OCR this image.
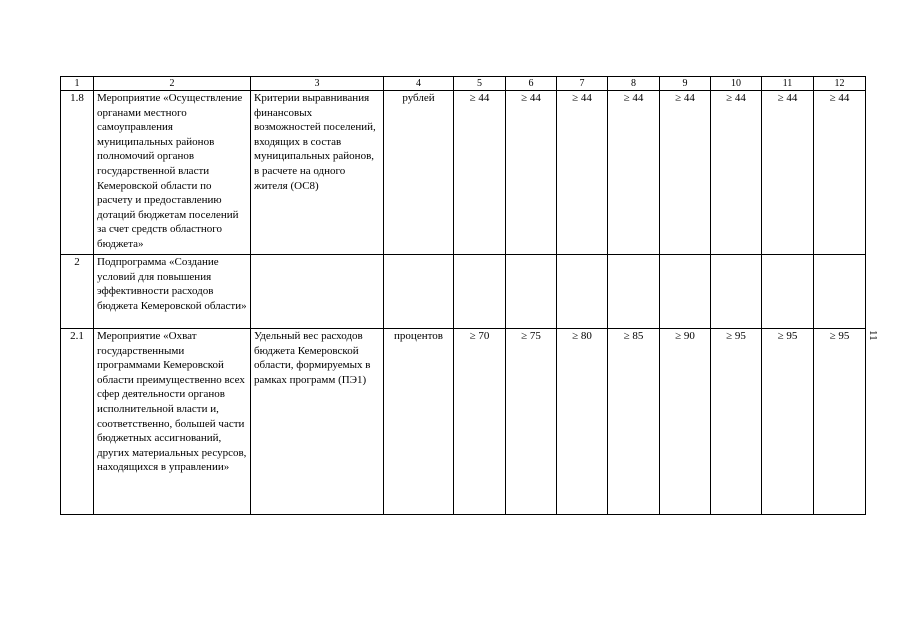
1	2	3	4	5	6	7	8	9	10	11	12
1.8	Мероприятие «Осуществление органами местного самоуправления муниципальных районов полномочий органов государственной власти Кемеровской области по расчету и предоставлению дотаций бюджетам поселений за счет средств областного бюджета»	Критерии выравнивания финансовых возможностей поселений, входящих в состав муниципальных районов, в расчете на одного жителя (ОС8)	рублей	≥ 44	≥ 44	≥ 44	≥ 44	≥ 44	≥ 44	≥ 44	≥ 44
2	Подпрограмма «Создание условий для повышения эффективности расходов бюджета Кемеровской области»										
2.1	Мероприятие «Охват государственными программами Кемеровской области преимущественно всех сфер деятельности органов исполнительной власти и, соответственно, большей части бюджетных ассигнований, других материальных ресурсов, находящихся в управлении»	Удельный вес расходов бюджета Кемеровской области, формируемых в рамках программ (ПЭ1)	процентов	≥ 70	≥ 75	≥ 80	≥ 85	≥ 90	≥ 95	≥ 95	≥ 95 11
